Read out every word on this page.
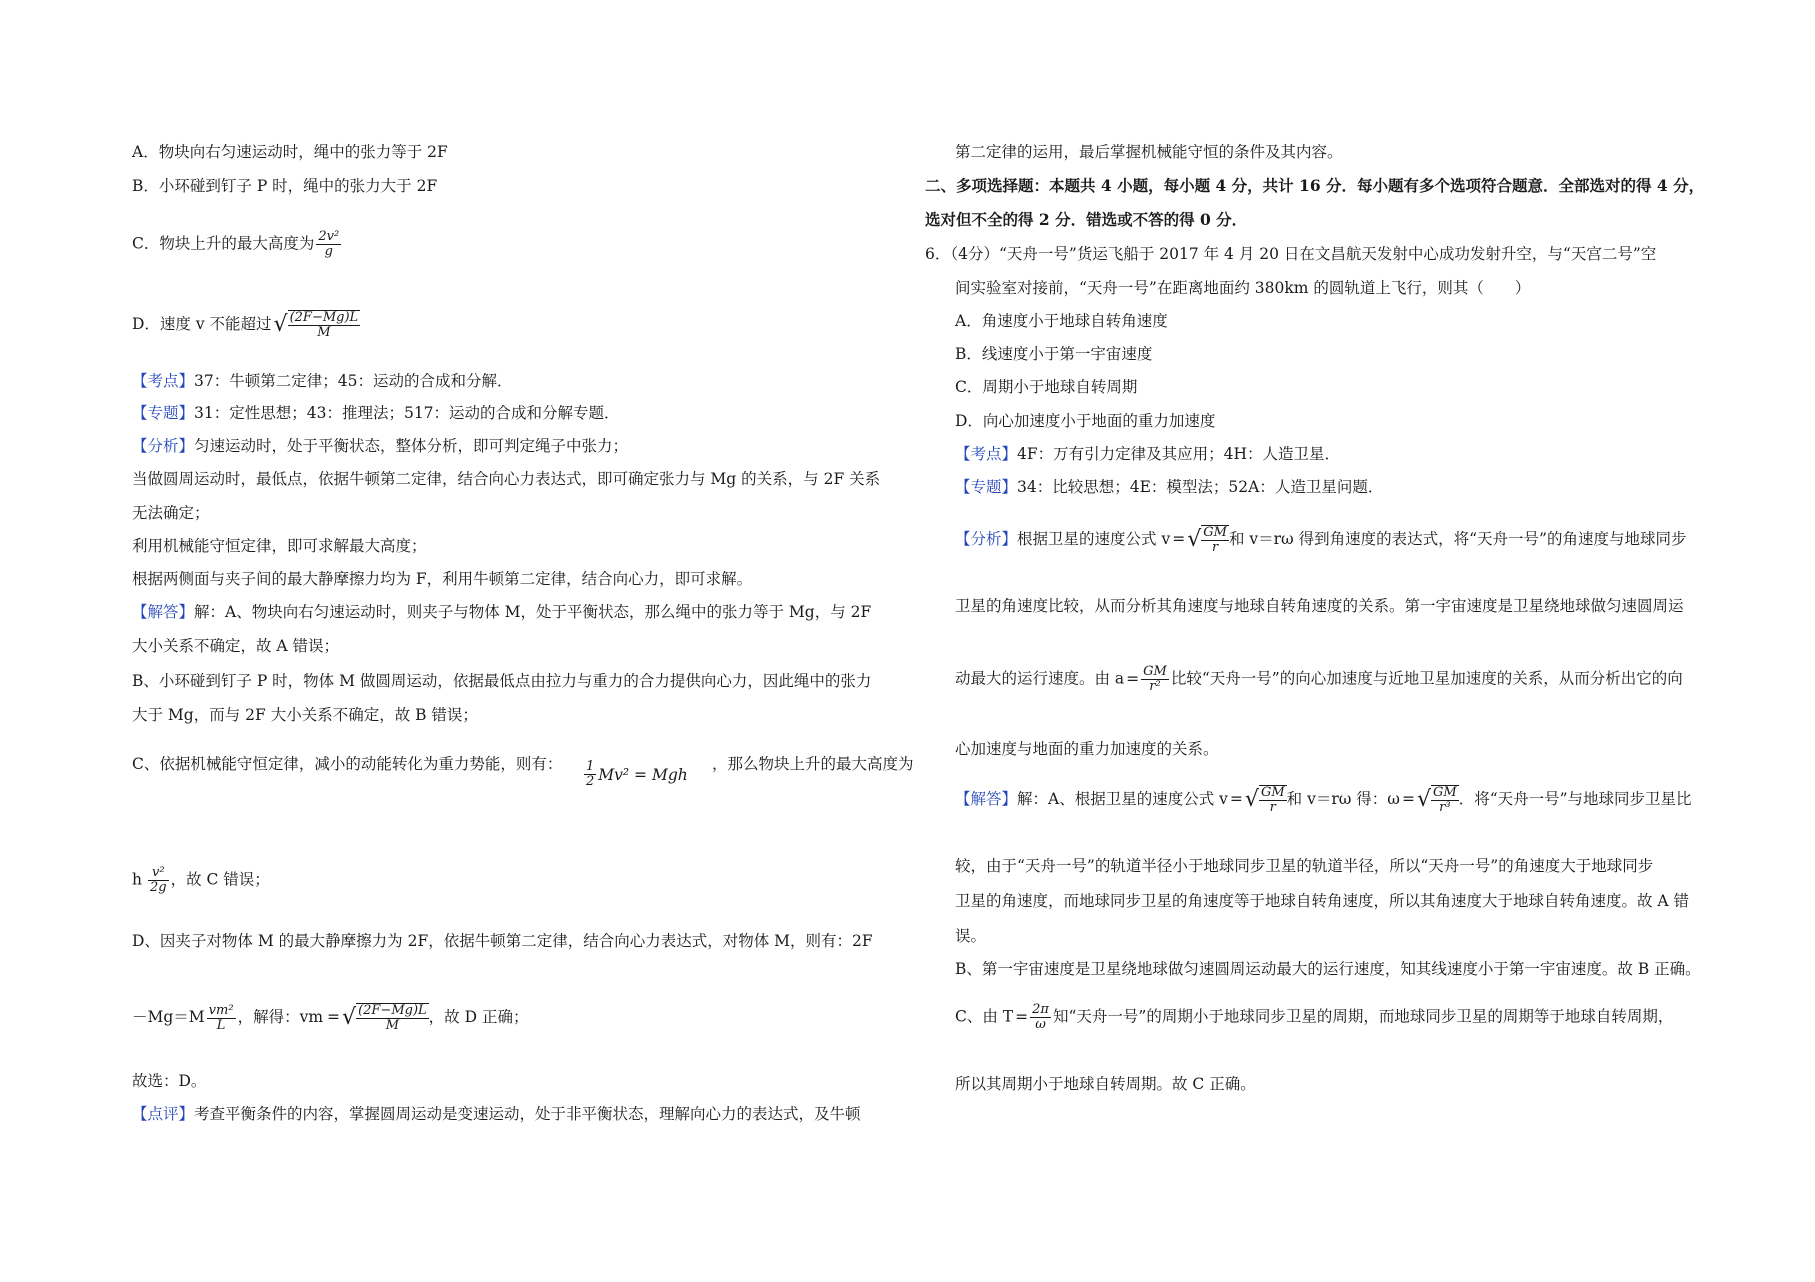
A．物块向右匀速运动时，绳中的张力等于 2F
B．小环碰到钉子 P 时，绳中的张力大于 2F
C．物块上升的最大高度为 $\frac{\text{2v²}}{g}$
D．速度 v 不能超过√ $\frac{(2F-Mg)L}{M}$
【考点】37：牛顿第二定律；45：运动的合成和分解．
【专题】31：定性思想；43：推理法；517：运动的合成和分解专题．
【分析】匀速运动时，处于平衡状态，整体分析，即可判定绳子中张力；
当做圆周运动时，最低点，依据牛顿第二定律，结合向心力表达式，即可确定张力与 Mg 的关系，与 2F 关系
无法确定；
利用机械能守恒定律，即可求解最大高度；
根据两侧面与夹子间的最大静摩擦力均为 F，利用牛顿第二定律，结合向心力，即可求解。
【解答】解：A、物块向右匀速运动时，则夹子与物体 M，处于平衡状态，那么绳中的张力等于 Mg，与 2F
大小关系不确定，故 A 错误；
B、小环碰到钉子 P 时，物体 M 做圆周运动，依据最低点由拉力与重力的合力提供向心力，因此绳中的张力
大于 Mg，而与 2F 大小关系不确定，故 B 错误；
C、依据机械能守恒定律，减小的动能转化为重力势能，则有： $\frac{1}{2} Mv^2$ = Mgh
，那么物块上升的最大高度为
h $\frac{\text{v²}}{2g}$ ，故 C 错误；
D、因夹子对物体 M 的最大静摩擦力为 2F，依据牛顿第二定律，结合向心力表达式，对物体 M，则有：2F
$-Mg=M \frac{\text{vm²}}{L}$ ，解得：vm =√ $\frac{(2F-Mg)L}{M}$ ，故 D 正确；
故选：D。
【点评】考查平衡条件的内容，掌握圆周运动是变速运动，处于非平衡状态，理解向心力的表达式，及牛顿
第二定律的运用，最后掌握机械能守恒的条件及其内容。
二、多项选择题：本题共 4 小题，每小题 4 分，共计 16 分．每小题有多个选项符合题意．全部选对的得 4 分，
选对但不全的得 2 分．错选或不答的得 0 分．
6．（4分）“天舟一号”货运飞船于 2017 年 4 月 20 日在文昌航天发射中心成功发射升空，与“天宫二号”空
间实验室对接前，“天舟一号”在距离地面约 380km 的圆轨道上飞行，则其（　　）
A．角速度小于地球自转角速度
B．线速度小于第一宇宙速度
C．周期小于地球自转周期
D．向心加速度小于地面的重力加速度
【考点】4F：万有引力定律及其应用；4H：人造卫星．
【专题】34：比较思想；4E：模型法；52A：人造卫星问题．
【分析】根据卫星的速度公式 v =√ $\frac{GM}{r}$ 和 v＝rω 得到角速度的表达式，将“天舟一号”的角速度与地球同步
卫星的角速度比较，从而分析其角速度与地球自转角速度的关系。第一宇宙速度是卫星绕地球做匀速圆周运
动最大的运行速度。由 $a = \frac{GM}{\text{r²}}$ 比较“天舟一号”的向心加速度与近地卫星加速度的关系，从而分析出它的向
心加速度与地面的重力加速度的关系。
【解答】解：A、根据卫星的速度公式 v =√ $\frac{GM}{r}$ 和 v＝rω 得：ω =√ $\frac{GM}{\text{r³}}$ ．将“天舟一号”与地球同步卫星比
较，由于“天舟一号”的轨道半径小于地球同步卫星的轨道半径，所以“天舟一号”的角速度大于地球同步
卫星的角速度，而地球同步卫星的角速度等于地球自转角速度，所以其角速度大于地球自转角速度。故 A 错
误。
B、第一宇宙速度是卫星绕地球做匀速圆周运动最大的运行速度，知其线速度小于第一宇宙速度。故 B 正确。
C、由 $T = \frac{2\pi}{\omega}$ 知“天舟一号”的周期小于地球同步卫星的周期，而地球同步卫星的周期等于地球自转周期，
所以其周期小于地球自转周期。故 C 正确。
